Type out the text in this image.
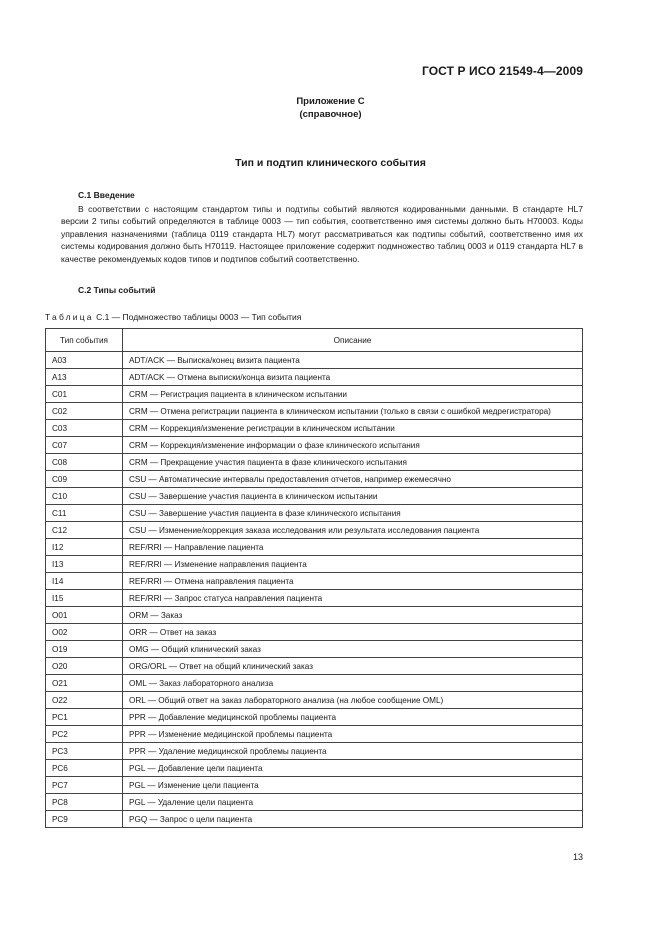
ГОСТ Р ИСО 21549-4—2009
Приложение С
(справочное)
Тип и подтип клинического события
С.1 Введение

В соответствии с настоящим стандартом типы и подтипы событий являются кодированными данными. В стандарте HL7 версии 2 типы событий определяются в таблице 0003 — тип события, соответственно имя системы должно быть Н70003. Коды управления назначениями (таблица 0119 стандарта HL7) могут рассматриваться как подтипы событий, соответственно имя их системы кодирования должно быть Н70119. Настоящее приложение содержит подмножество таблиц 0003 и 0119 стандарта HL7 в качестве рекомендуемых кодов типов и подтипов событий соответственно.

С.2 Типы событий
Таблица С.1 — Подмножество таблицы 0003 — Тип события
Тип события	Описание
А03	ADT/ACK — Выписка/конец визита пациента
А13	ADT/ACK — Отмена выписки/конца визита пациента
С01	CRM — Регистрация пациента в клиническом испытании
С02	CRM — Отмена регистрации пациента в клиническом испытании (только в связи с ошибкой медрегистратора)
С03	CRM — Коррекция/изменение регистрации в клиническом испытании
С07	CRM — Коррекция/изменение информации о фазе клинического испытания
С08	CRM — Прекращение участия пациента в фазе клинического испытания
С09	CSU — Автоматические интервалы предоставления отчетов, например ежемесячно
С10	CSU — Завершение участия пациента в клиническом испытании
С11	CSU — Завершение участия пациента в фазе клинического испытания
С12	CSU — Изменение/коррекция заказа исследования или результата исследования пациента
I12	REF/RRI — Направление пациента
I13	REF/RRI — Изменение направления пациента
I14	REF/RRI — Отмена направления пациента
I15	REF/RRI — Запрос статуса направления пациента
О01	ORM — Заказ
О02	ORR — Ответ на заказ
О19	OMG — Общий клинический заказ
О20	ORG/ORL — Ответ на общий клинический заказ
О21	OML — Заказ лабораторного анализа
О22	ORL — Общий ответ на заказ лабораторного анализа (на любое сообщение OML)
РС1	PPR — Добавление медицинской проблемы пациента
РС2	PPR — Изменение медицинской проблемы пациента
РС3	PPR — Удаление медицинской проблемы пациента
РС6	PGL — Добавление цели пациента
РС7	PGL — Изменение цели пациента
РС8	PGL — Удаление цели пациента
РС9	PGQ — Запрос о цели пациента
13
